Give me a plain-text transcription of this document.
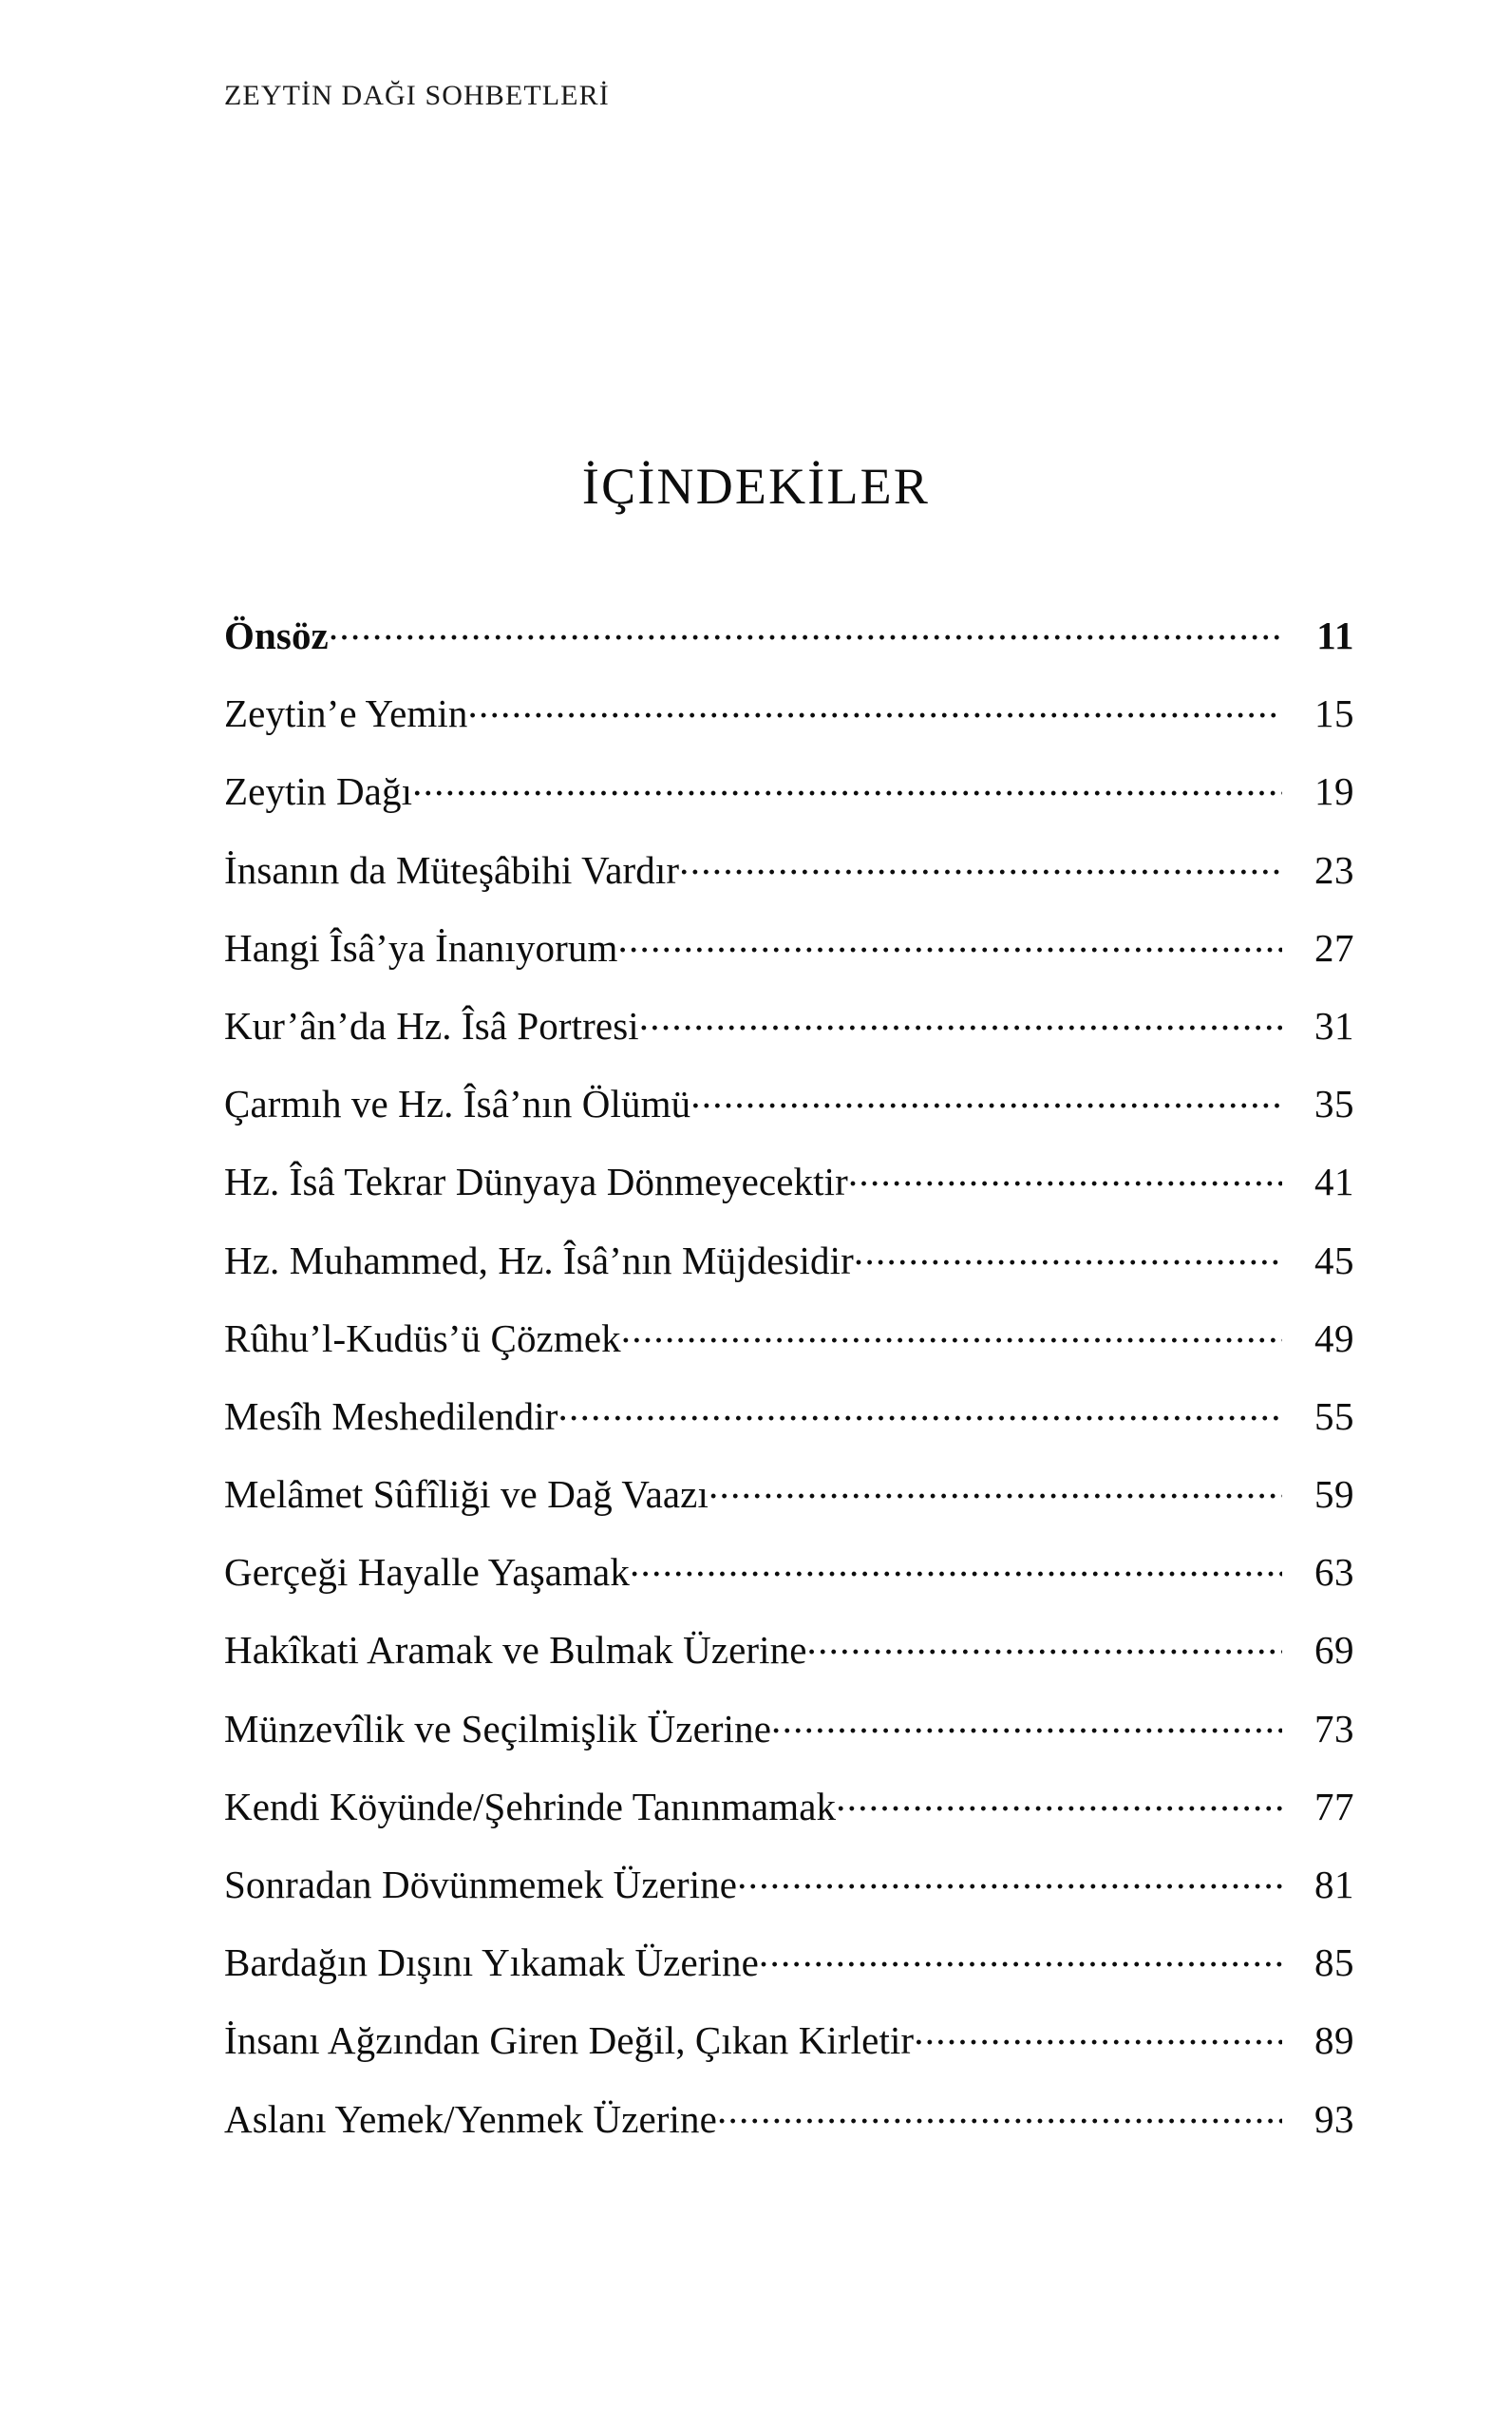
ZEYTİN DAĞI SOHBETLERİ
İÇİNDEKİLER
Önsöz .....	11
Zeytin’e Yemin .....	15
Zeytin Dağı .....	19
İnsanın da Müteşâbihi Vardır .....	23
Hangi Îsâ’ya İnanıyorum .....	27
Kur’ân’da Hz. Îsâ Portresi .....	31
Çarmıh ve Hz. Îsâ’nın Ölümü .....	35
Hz. Îsâ Tekrar Dünyaya Dönmeyecektir .....	41
Hz. Muhammed, Hz. Îsâ’nın Müjdesidir .....	45
Rûhu’l-Kudüs’ü Çözmek .....	49
Mesîh Meshedilendir .....	55
Melâmet Sûfîliği ve Dağ Vaazı .....	59
Gerçeği Hayalle Yaşamak .....	63
Hakîkati Aramak ve Bulmak Üzerine .....	69
Münzevîlik ve Seçilmişlik Üzerine .....	73
Kendi Köyünde/Şehrinde Tanınmamak .....	77
Sonradan Dövünmemek Üzerine .....	81
Bardağın Dışını Yıkamak Üzerine .....	85
İnsanı Ağzından Giren Değil, Çıkan Kirletir .....	89
Aslanı Yemek/Yenmek Üzerine .....	93
